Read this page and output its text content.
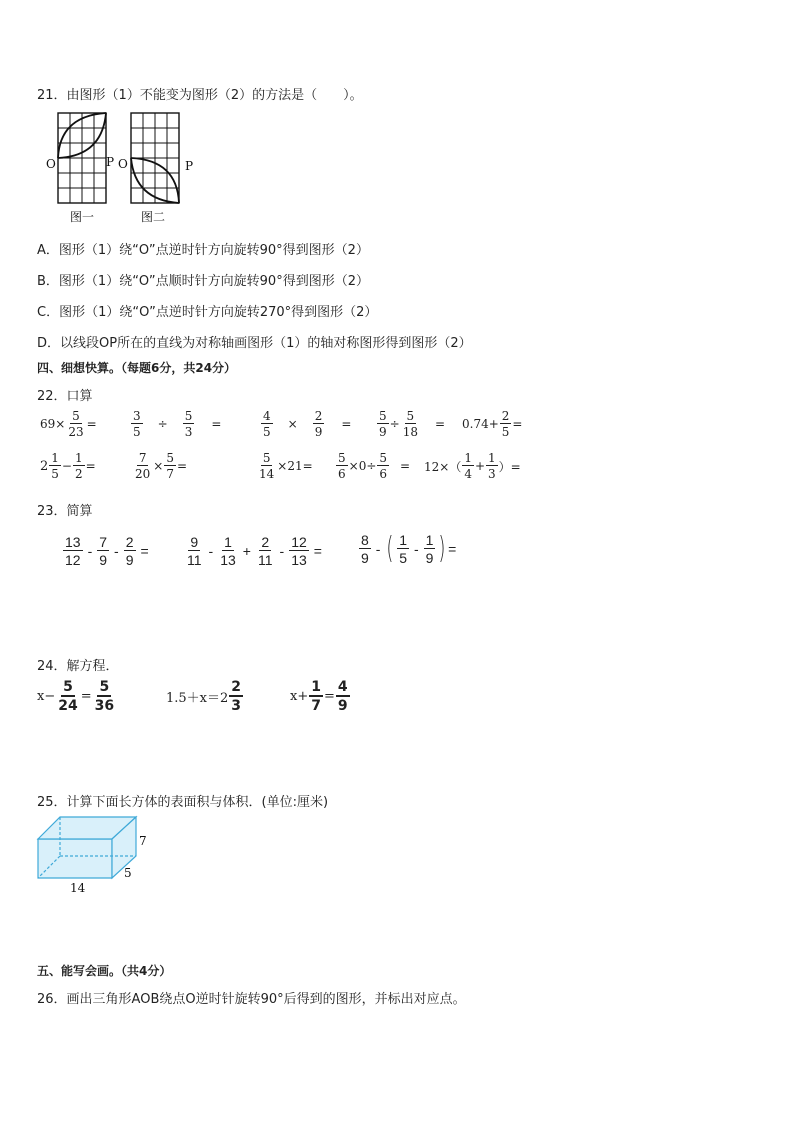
21．由图形（1）不能变为图形（2）的方法是（　　）。
O	P
图一
O	P
图二
A．图形（1）绕“O”点逆时针方向旋转90°得到图形（2）
B．图形（1）绕“O”点顺时针方向旋转90°得到图形（2）
C．图形（1）绕“O”点逆时针方向旋转270°得到图形（2）
D．以线段OP所在的直线为对称轴画图形（1）的轴对称图形得到图形（2）
四、细想快算。（每题6分，共24分）
22．口算
$69\times \frac{5}{23}$ =	$\frac{3}{5} \div \frac{5}{3}$ =	$\frac{4}{5} \times \frac{2}{9} = \frac{5}{9} \div \frac{5}{18} = 0.74+ \frac{2}{5}$ =
$2 \frac{1}{5} - \frac{1}{2}$ =	$\frac{7}{20} \times \frac{5}{7}$ =	$\frac{5}{14} \times 21= \frac{5}{6} \times 0\div \frac{5}{6} = 12\times( \frac{1}{4} + \frac{1}{3}$ ）=
23．简算
$\frac{13}{12} - \frac{7}{9} - \frac{2}{9}$ =	$\frac{9}{11} - \frac{1}{13} + \frac{2}{11} - \frac{12}{13}$ =	$\frac{8}{9}$ - ( $\frac{1}{5} - \frac{1}{9}$ ) =
24．解方程．
$x- \frac{5}{24} = \frac{5}{36}$	$1.5+x=2 \frac{2}{3}$	$x+ \frac{1}{7} = \frac{4}{9}$
25．计算下面长方体的表面积与体积．(单位:厘米)
7
5
14
五、能写会画。（共4分）
26．画出三角形AOB绕点O逆时针旋转90°后得到的图形，并标出对应点。
